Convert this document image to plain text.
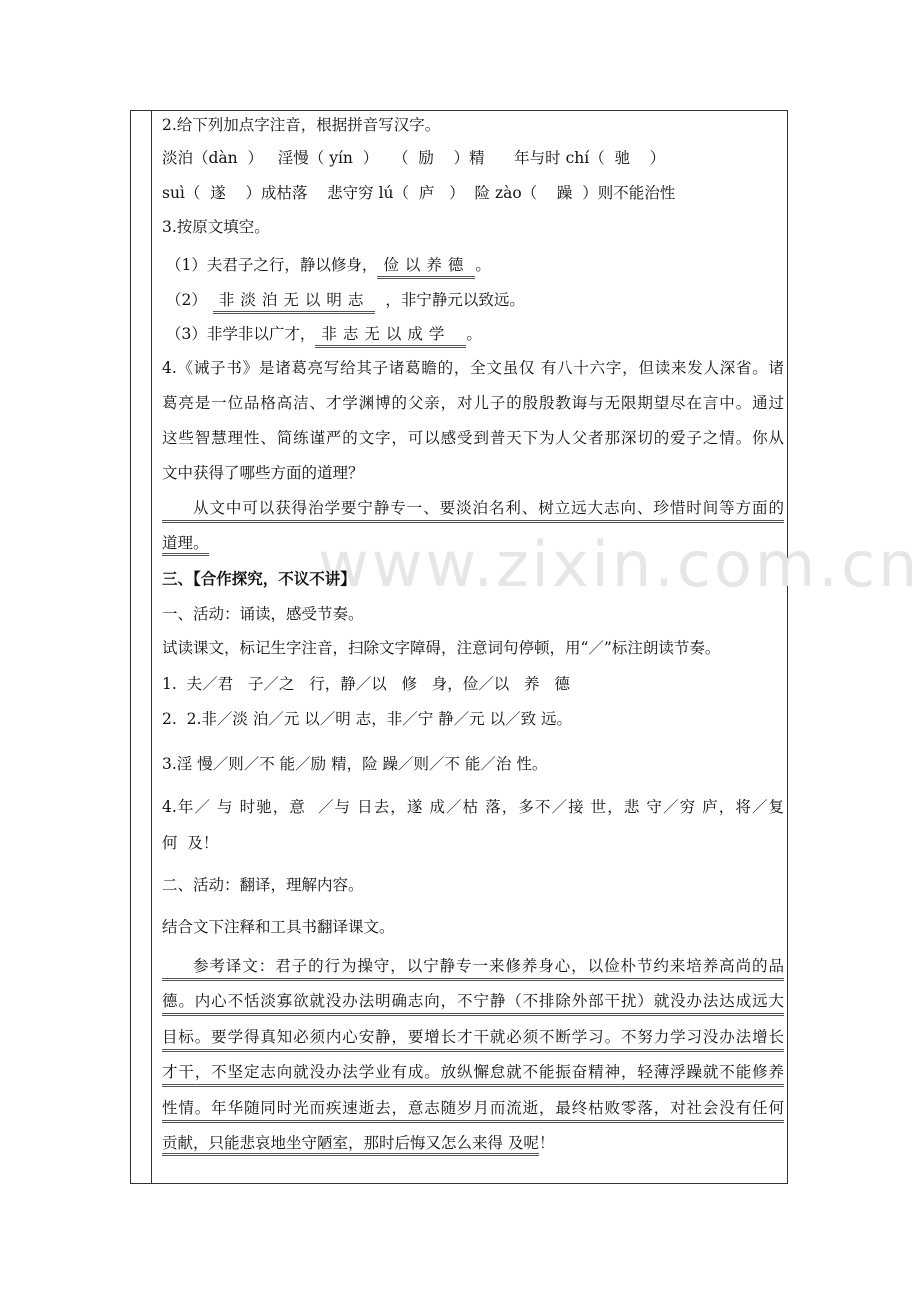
www.zixin.com.cn
2.给下列加点字注音，根据拼音写汉字。
淡泊（dàn  ）   淫慢（ yín  ）   （  励    ）精      年与时 chí（  驰    ）
suì（  遂    ）成枯落    悲守穷 lú（  庐   ）  险 zào（    躁  ）则不能治性
3.按原文填空。
（1）夫君子之行，静以修身， 俭以养德 。
（2） 非淡泊无以明志 ，非宁静元以致远。
（3）非学非以广才， 非志无以成学 。
4.《诫子书》是诸葛亮写给其子诸葛瞻的，全文虽仅 有八十六字，但读来发人深省。诸
葛亮是一位品格高洁、才学渊博的父亲，对儿子的殷殷教诲与无限期望尽在言中。通过
这些智慧理性、简练谨严的文字，可以感受到普天下为人父者那深切的爱子之情。你从
文中获得了哪些方面的道理？
从文中可以获得治学要宁静专一、要淡泊名利、树立远大志向、珍惜时间等方面的
道理。
三、【合作探究，不议不讲】
一、活动：诵读，感受节奏。
试读课文，标记生字注音，扫除文字障碍，注意词句停顿，用“／”标注朗读节奏。
1.  夫／君   子／之   行，静／以   修   身，俭／以   养   德
2.  2.非／淡 泊／元 以／明 志，非／宁 静／元 以／致 远。
3.淫 慢／则／不 能／励 精，险 躁／则／不 能／治 性。
4.年／ 与 时驰，意  ／与 日去，遂 成／枯 落，多不／接 世，悲 守／穷 庐，将／复
何  及！
二、活动：翻译，理解内容。
结合文下注释和工具书翻译课文。
参考译文：君子的行为操守，以宁静专一来修养身心，以俭朴节约来培养高尚的品
德。内心不恬淡寡欲就没办法明确志向，不宁静（不排除外部干扰）就没办法达成远大
目标。要学得真知必须内心安静，要增长才干就必须不断学习。不努力学习没办法增长
才干，不坚定志向就没办法学业有成。放纵懈怠就不能振奋精神，轻薄浮躁就不能修养
性情。年华随同时光而疾速逝去，意志随岁月而流逝，最终枯败零落，对社会没有任何
贡献，只能悲哀地坐守陋室，那时后悔又怎么来得 及呢！
